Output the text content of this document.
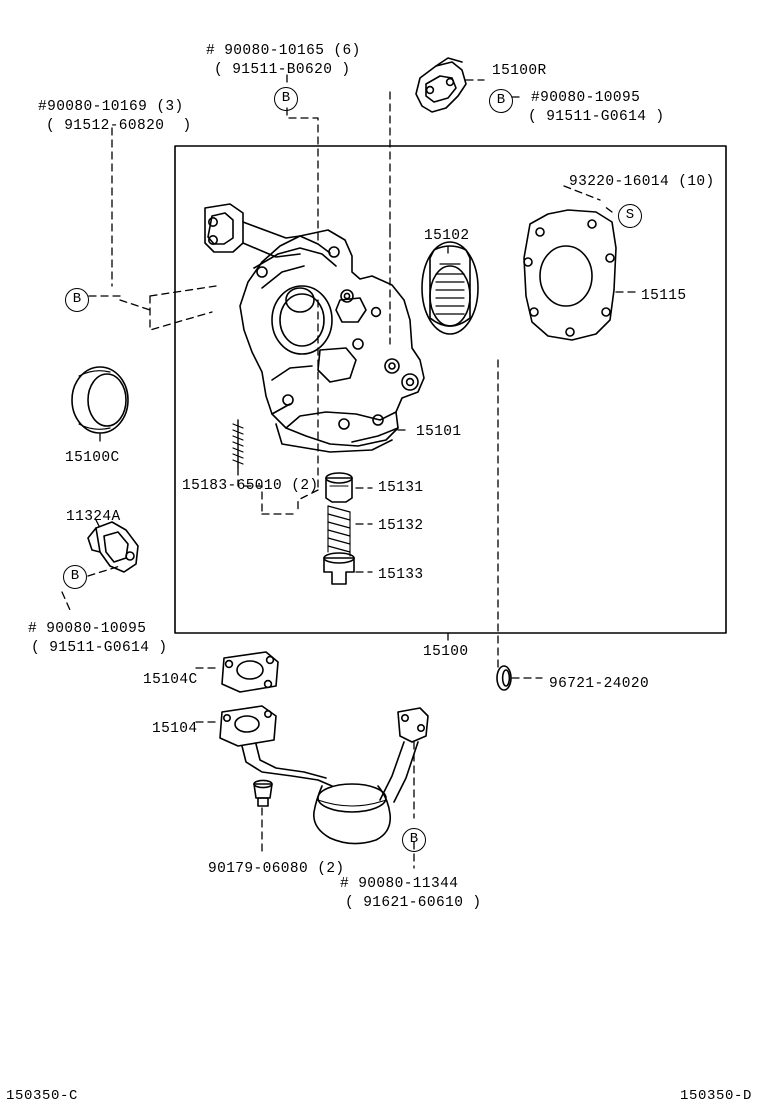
# 90080-10165 (6)
( 91511-B0620 )
#90080-10169 (3)
( 91512-60820  )
15100R
#90080-10095
( 91511-G0614 )
93220-16014 (10)
15102
15115
15101
15100C
15183-65010 (2)	15131
11324A
15132
15133
# 90080-10095
( 91511-G0614 )	15100
15104C	96721-24020
15104
90179-06080 (2)
# 90080-11344
( 91621-60610 )
B	B
S
B
B
B
150350-C	150350-D
